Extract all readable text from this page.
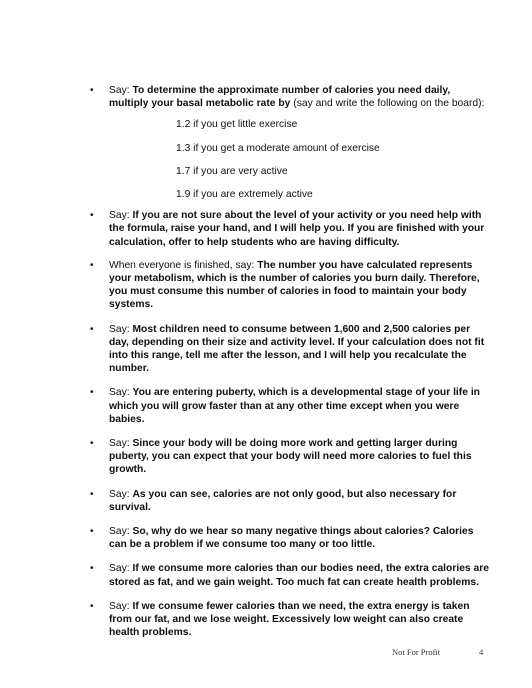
• Say: To determine the approximate number of calories you need daily, multiply your basal metabolic rate by (say and write the following on the board):
1.2 if you get little exercise
1.3 if you get a moderate amount of exercise
1.7 if you are very active
1.9 if you are extremely active
• Say: If you are not sure about the level of your activity or you need help with the formula, raise your hand, and I will help you. If you are finished with your calculation, offer to help students who are having difficulty.
• When everyone is finished, say: The number you have calculated represents your metabolism, which is the number of calories you burn daily. Therefore, you must consume this number of calories in food to maintain your body systems.
• Say: Most children need to consume between 1,600 and 2,500 calories per day, depending on their size and activity level. If your calculation does not fit into this range, tell me after the lesson, and I will help you recalculate the number.
• Say: You are entering puberty, which is a developmental stage of your life in which you will grow faster than at any other time except when you were babies.
• Say: Since your body will be doing more work and getting larger during puberty, you can expect that your body will need more calories to fuel this growth.
• Say: As you can see, calories are not only good, but also necessary for survival.
• Say: So, why do we hear so many negative things about calories? Calories can be a problem if we consume too many or too little.
• Say: If we consume more calories than our bodies need, the extra calories are stored as fat, and we gain weight. Too much fat can create health problems.
• Say: If we consume fewer calories than we need, the extra energy is taken from our fat, and we lose weight. Excessively low weight can also create health problems.
Not For Profit	4
